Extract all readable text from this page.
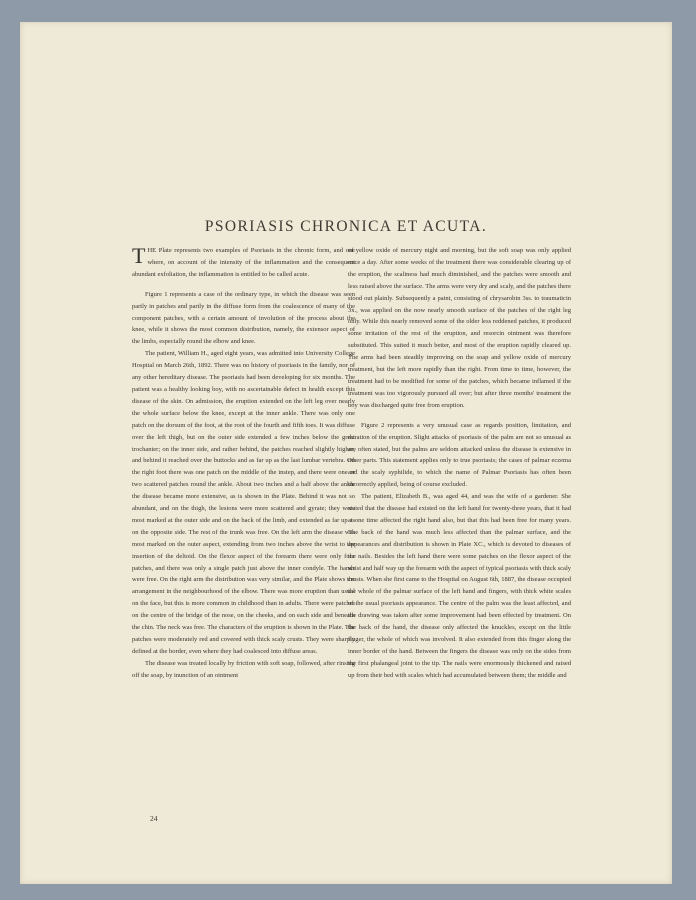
PSORIASIS CHRONICA ET ACUTA.

THE Plate represents two examples of Psoriasis in the chronic form, and one where, on account of the intensity of the inflammation and the consequent abundant exfoliation, the inflammation is entitled to be called acute.

Figure 1 represents a case of the ordinary type, in which the disease was seen partly in patches and partly in the diffuse form from the coalescence of many of the component patches, with a certain amount of involution of the process about the knee, while it shows the most common distribution, namely, the extensor aspect of the limbs, especially round the elbow and knee.

The patient, William H., aged eight years, was admitted into University College Hospital on March 26th, 1892. There was no history of psoriasis in the family, nor of any other hereditary disease. The psoriasis had been developing for six months. The patient was a healthy looking boy, with no ascertainable defect in health except this disease of the skin. On admission, the eruption extended on the left leg over nearly the whole surface below the knee, except at the inner ankle. There was only one patch on the dorsum of the foot, at the root of the fourth and fifth toes. It was diffuse over the left thigh, but on the outer side extended a few inches below the great trochanter; on the inner side, and rather behind, the patches reached slightly higher, and behind it reached over the buttocks and as far up as the last lumbar vertebra. On the right foot there was one patch on the middle of the instep, and there were one or two scattered patches round the ankle. About two inches and a half above the ankle the disease became more extensive, as is shown in the Plate. Behind it was not so abundant, and on the thigh, the lesions were more scattered and gyrate; they were most marked at the outer side and on the back of the limb, and extended as far up as on the opposite side. The rest of the trunk was free. On the left arm the disease was most marked on the outer aspect, extending from two inches above the wrist to the insertion of the deltoid. On the flexor aspect of the forearm there were only four patches, and there was only a single patch just above the inner condyle. The hands were free. On the right arm the distribution was very similar, and the Plate shows the arrangement in the neighbourhood of the elbow. There was more eruption than usual on the face, but this is more common in childhood than in adults. There were patches on the centre of the bridge of the nose, on the cheeks, and on each side and beneath the chin. The neck was free. The characters of the eruption is shown in the Plate. The patches were moderately red and covered with thick scaly crusts. They were sharply defined at the border, even where they had coalesced into diffuse areas.

The disease was treated locally by friction with soft soap, followed, after rinsing off the soap, by inunction of an ointment

of yellow oxide of mercury night and morning, but the soft soap was only applied once a day. After some weeks of the treatment there was considerable clearing up of the eruption, the scaliness had much diminished, and the patches were smooth and less raised above the surface. The arms were very dry and scaly, and the patches there stood out plainly. Subsequently a paint, consisting of chrysarobin 3ss. to traumaticin 3x., was applied on the now nearly smooth surface of the patches of the right leg only. While this nearly removed some of the older less reddened patches, it produced some irritation of the rest of the eruption, and resorcin ointment was therefore substituted. This suited it much better, and most of the eruption rapidly cleared up. The arms had been steadily improving on the soap and yellow oxide of mercury treatment, but the left more rapidly than the right. From time to time, however, the treatment had to be modified for some of the patches, which became inflamed if the treatment was too vigorously pursued all over; but after three months' treatment the boy was discharged quite free from eruption.

Figure 2 represents a very unusual case as regards position, limitation, and duration of the eruption. Slight attacks of psoriasis of the palm are not so unusual as are often stated, but the palms are seldom attacked unless the disease is extensive in other parts. This statement applies only to true psoriasis; the cases of palmar eczema and the scaly syphilide, to which the name of Palmar Psoriasis has often been incorrectly applied, being of course excluded.

The patient, Elizabeth B., was aged 44, and was the wife of a gardener. She stated that the disease had existed on the left hand for twenty-three years, that it had at one time affected the right hand also, but that this had been free for many years. The back of the hand was much less affected than the palmar surface, and the appearances and distribution is shown in Plate XC., which is devoted to diseases of the nails. Besides the left hand there were some patches on the flexor aspect of the wrist and half way up the forearm with the aspect of typical psoriasis with thick scaly crusts. When she first came to the Hospital on August 6th, 1887, the disease occupied the whole of the palmar surface of the left hand and fingers, with thick white scales of the usual psoriasis appearance. The centre of the palm was the least affected, and the drawing was taken after some improvement had been effected by treatment. On the back of the hand, the disease only affected the knuckles, except on the little finger, the whole of which was involved. It also extended from this finger along the inner border of the hand. Between the fingers the disease was only on the sides from the first phalangeal joint to the tip. The nails were enormously thickened and raised up from their bed with scales which had accumulated between them; the middle and

24
